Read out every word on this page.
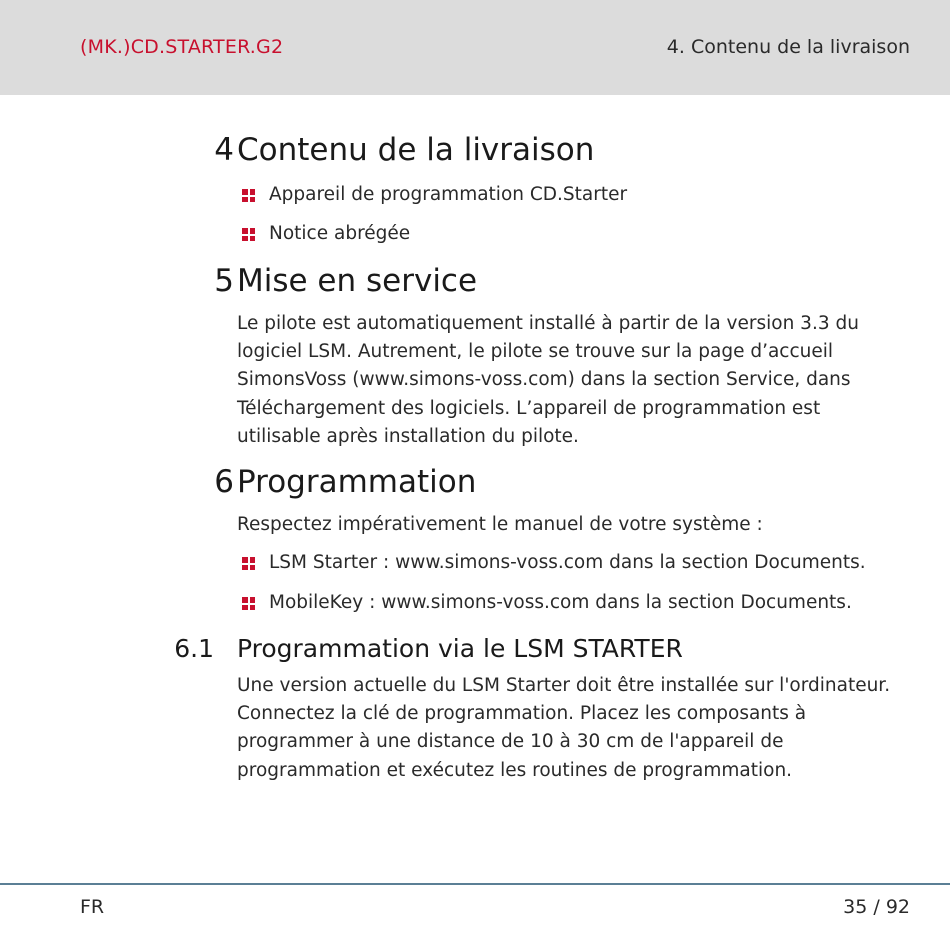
(MK.)CD.STARTER.G2	4. Contenu de la livraison
4 Contenu de la livraison
Appareil de programmation CD.Starter
Notice abrégée
5 Mise en service
Le pilote est automatiquement installé à partir de la version 3.3 du
logiciel LSM. Autrement, le pilote se trouve sur la page d’accueil
SimonsVoss (www.simons-voss.com) dans la section Service, dans
Téléchargement des logiciels. L’appareil de programmation est
utilisable après installation du pilote.
6 Programmation
Respectez impérativement le manuel de votre système :
LSM Starter : www.simons-voss.com dans la section Documents.
MobileKey : www.simons-voss.com dans la section Documents.
6.1 Programmation via le LSM STARTER
Une version actuelle du LSM Starter doit être installée sur l'ordinateur.
Connectez la clé de programmation. Placez les composants à
programmer à une distance de 10 à 30 cm de l'appareil de
programmation et exécutez les routines de programmation.
FR	35 / 92
